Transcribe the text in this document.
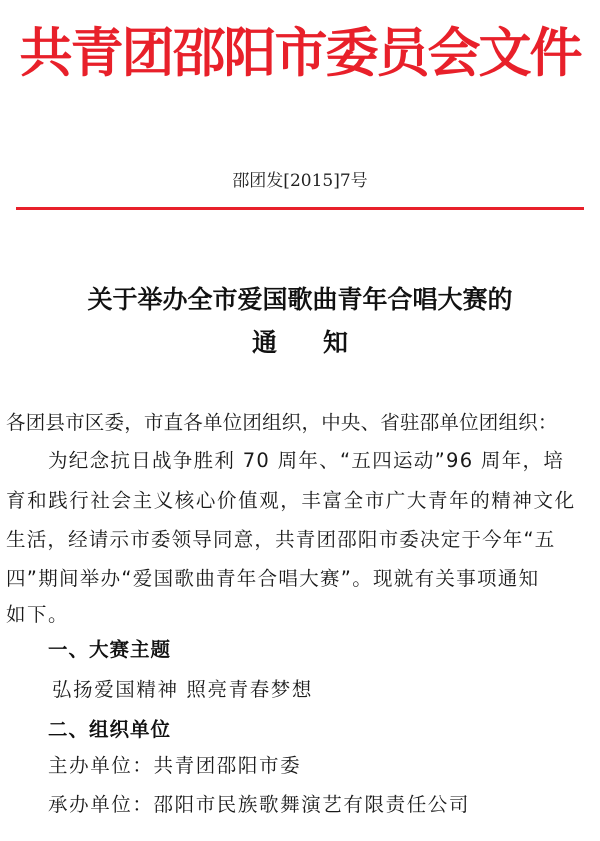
共青团邵阳市委员会文件
邵团发[2015]7号
关于举办全市爱国歌曲青年合唱大赛的
通知
各团县市区委，市直各单位团组织，中央、省驻邵单位团组织：
为纪念抗日战争胜利 70 周年、“五四运动”96 周年，培
育和践行社会主义核心价值观，丰富全市广大青年的精神文化
生活，经请示市委领导同意，共青团邵阳市委决定于今年“五
四”期间举办“爱国歌曲青年合唱大赛”。现就有关事项通知
如下。
一、大赛主题
弘扬爱国精神 照亮青春梦想
二、组织单位
主办单位：共青团邵阳市委
承办单位：邵阳市民族歌舞演艺有限责任公司
